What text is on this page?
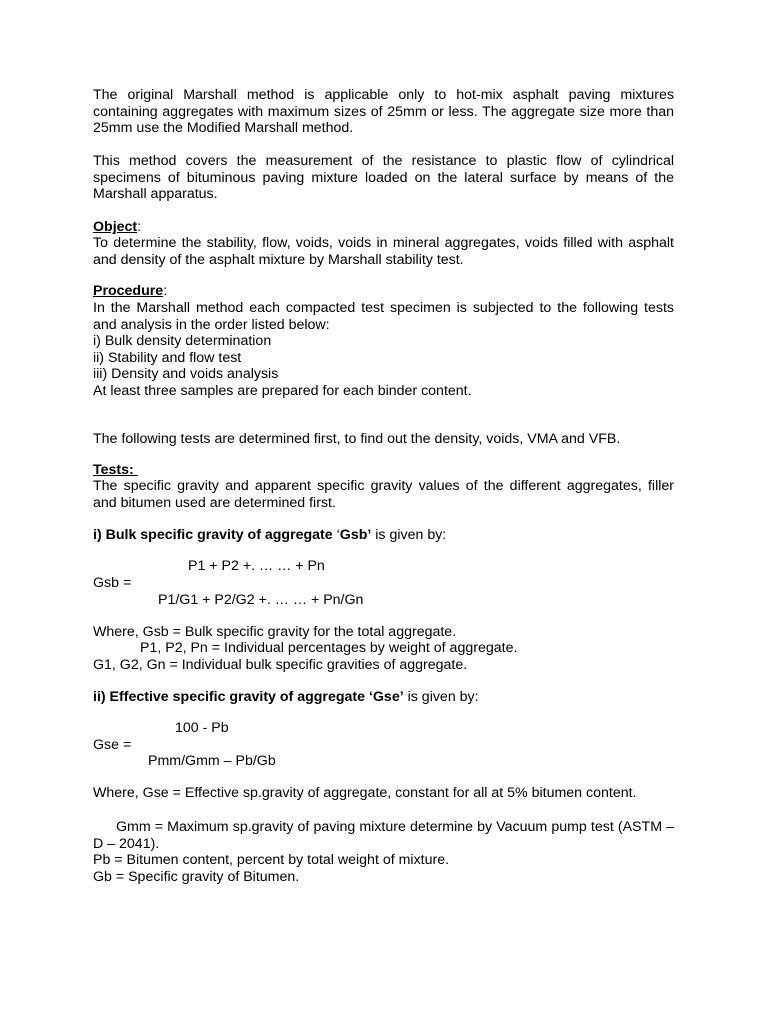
The original Marshall method is applicable only to hot-mix asphalt paving mixtures containing aggregates with maximum sizes of 25mm or less. The aggregate size more than 25mm use the Modified Marshall method.

This method covers the measurement of the resistance to plastic flow of cylindrical specimens of bituminous paving mixture loaded on the lateral surface by means of the Marshall apparatus.

Object:

To determine the stability, flow, voids, voids in mineral aggregates, voids filled with asphalt and density of the asphalt mixture by Marshall stability test.

Procedure:

In the Marshall method each compacted test specimen is subjected to the following tests and analysis in the order listed below:

i) Bulk density determination

ii) Stability and flow test

iii) Density and voids analysis

At least three samples are prepared for each binder content.

The following tests are determined first, to find out the density, voids, VMA and VFB.

Tests:

The specific gravity and apparent specific gravity values of the different aggregates, filler and bitumen used are determined first.

i) Bulk specific gravity of aggregate ‘Gsb’ is given by:

P1 + P2 +. … … + Pn

Gsb =

P1/G1 + P2/G2 +. … … + Pn/Gn

Where, Gsb = Bulk specific gravity for the total aggregate.

P1, P2, Pn = Individual percentages by weight of aggregate.

G1, G2, Gn = Individual bulk specific gravities of aggregate.

ii) Effective specific gravity of aggregate ‘Gse’ is given by:

100 - Pb

Gse =

Pmm/Gmm – Pb/Gb

Where, Gse = Effective sp.gravity of aggregate, constant for all at 5% bitumen content.

Gmm = Maximum sp.gravity of paving mixture determine by Vacuum pump test (ASTM – D – 2041).

Pb = Bitumen content, percent by total weight of mixture.

Gb = Specific gravity of Bitumen.
